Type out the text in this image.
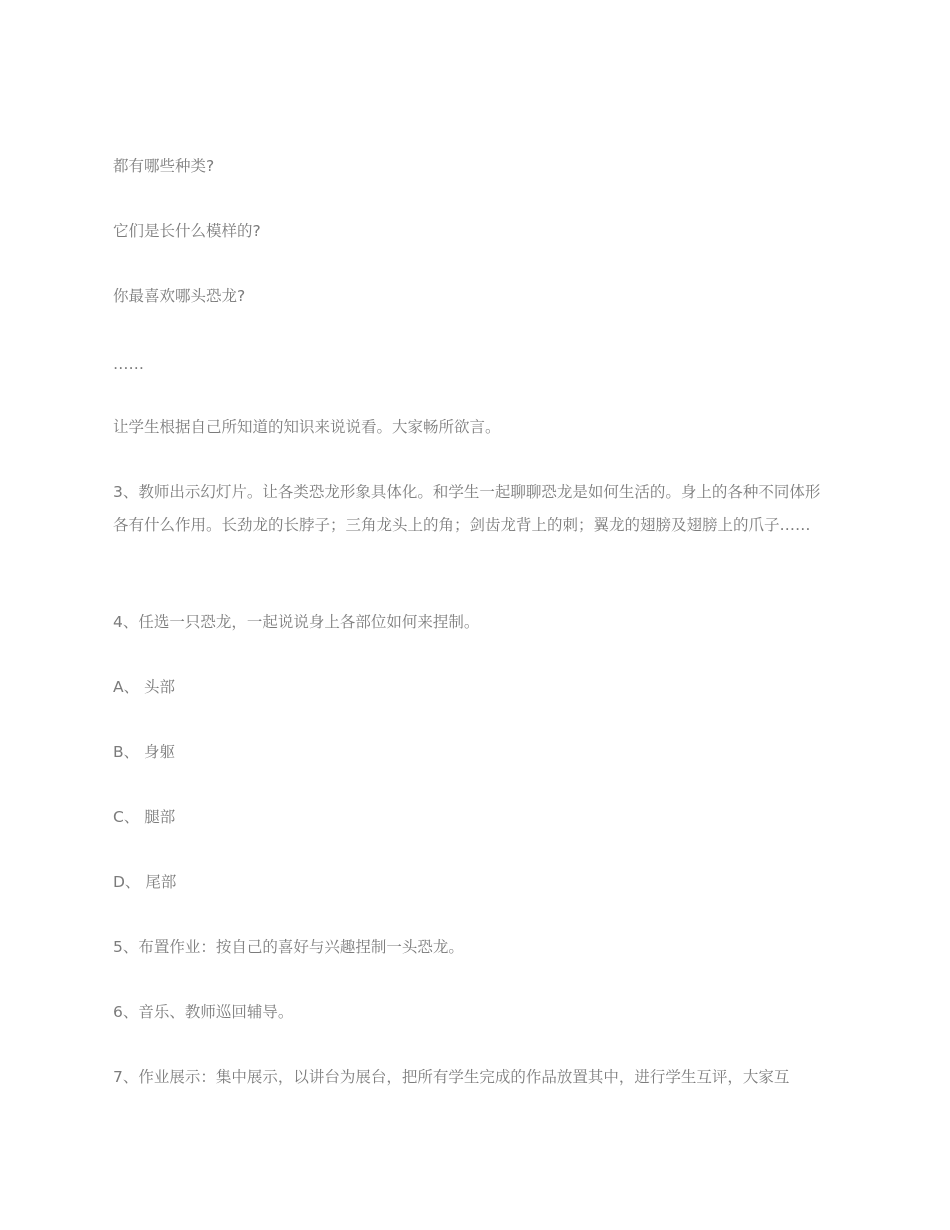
都有哪些种类?

它们是长什么模样的?

你最喜欢哪头恐龙?

……

让学生根据自己所知道的知识来说说看。大家畅所欲言。

3、教师出示幻灯片。让各类恐龙形象具体化。和学生一起聊聊恐龙是如何生活的。身上的各种不同体形各有什么作用。长劲龙的长脖子；三角龙头上的角；剑齿龙背上的刺；翼龙的翅膀及翅膀上的爪子……

4、任选一只恐龙，一起说说身上各部位如何来捏制。

A、 头部

B、 身躯

C、 腿部

D、 尾部

5、布置作业：按自己的喜好与兴趣捏制一头恐龙。

6、音乐、教师巡回辅导。

7、作业展示：集中展示，以讲台为展台，把所有学生完成的作品放置其中，进行学生互评，大家互
